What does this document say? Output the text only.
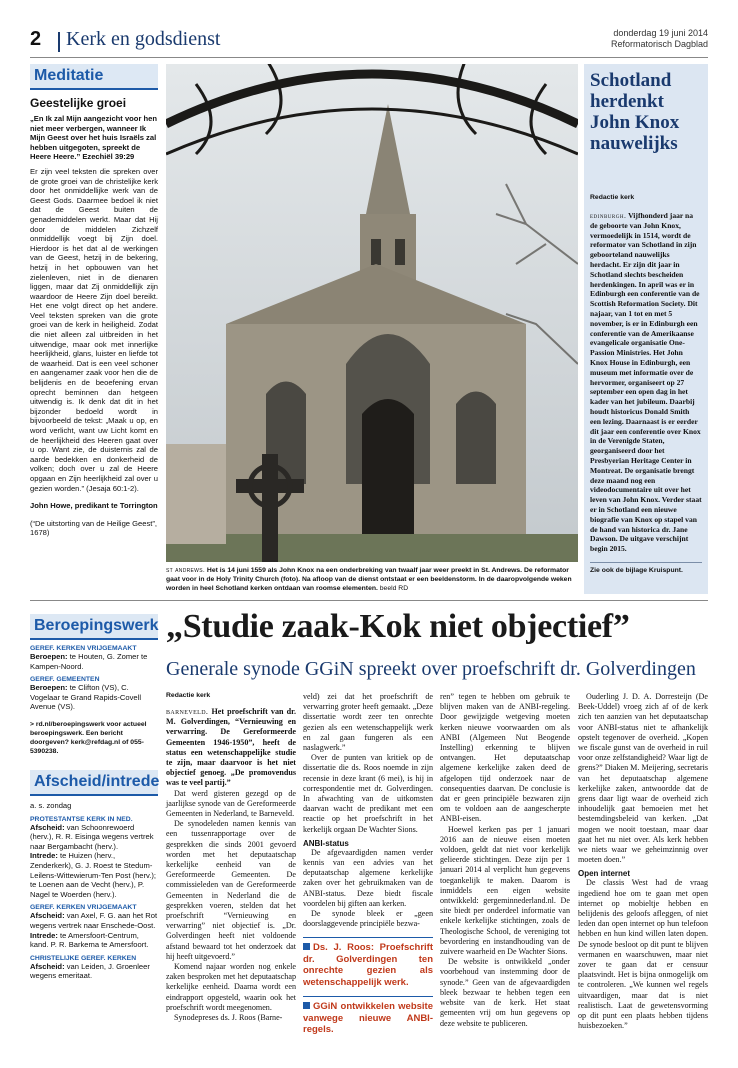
2 Kerk en godsdienst	donderdag 19 juni 2014
Reformatorisch Dagblad
Meditatie
Geestelijke groei
„En Ik zal Mijn aangezicht voor hen niet meer verbergen, wanneer Ik Mijn Geest over het huis Israëls zal hebben uitgegoten, spreekt de Heere Heere.” Ezechiël 39:29
Er zijn veel teksten die spreken over de grote groei van de christelijke kerk door het onmiddellijke werk van de Geest Gods. Daarmee bedoel ik niet dat de Geest buiten de genademiddelen werkt. Maar dat Hij door de middelen Zichzelf onmiddellijk voegt bij Zijn doel. Hierdoor is het dat al de werkingen van de Geest, hetzij in de bekering, hetzij in het opbouwen van het zielenleven, niet in de dienaren liggen, maar dat Zij onmiddellijk zijn waardoor de Heere Zijn doel bereikt. Het ene volgt direct op het andere. Veel teksten spreken van die grote groei van de kerk in heiligheid. Zodat die niet alleen zal uitbreiden in het uitwendige, maar ook met innerlijke heerlijkheid, glans, luister en liefde tot de waarheid. Dat is een veel schoner en aangenamer zaak voor hen die de belijdenis en de beoefening ervan oprecht beminnen dan hetgeen uitwendig is. Ik denk dat dit in het bijzonder bedoeld wordt in bijvoorbeeld de tekst: „Maak u op, en word verlicht, want uw Licht komt en de heerlijkheid des Heeren gaat over u op. Want zie, de duisternis zal de aarde bedekken en donkerheid de volken; doch over u zal de Heere opgaan en Zijn heerlijkheid zal over u gezien worden.” (Jesaja 60:1-2).
John Howe, predikant te Torrington
(“De uitstorting van de Heilige Geest”, 1678)
st andrews. Het is 14 juni 1559 als John Knox na een onderbreking van twaalf jaar weer preekt in St. Andrews. De reformator gaat voor in de Holy Trinity Church (foto). Na afloop van de dienst ontstaat er een beeldenstorm. In de daaropvolgende weken worden in heel Schotland kerken ontdaan van roomse elementen. beeld RD
Schotland herdenkt John Knox nauwelijks
Redactie kerk
edinburgh. Vijfhonderd jaar na de geboorte van John Knox, vermoedelijk in 1514, wordt de reformator van Schotland in zijn geboorteland nauwelijks herdacht. Er zijn dit jaar in Schotland slechts bescheiden herdenkingen. In april was er in Edinburgh een conferentie van de Scottish Reformation Society. Dit najaar, van 1 tot en met 5 november, is er in Edinburgh een conferentie van de Amerikaanse evangelicale organisatie One-Passion Ministries. Het John Knox House in Edinburgh, een museum met informatie over de hervormer, organiseert op 27 september een open dag in het kader van het jubileum. Daarbij houdt historicus Donald Smith een lezing. Daarnaast is er eerder dit jaar een conferentie over Knox in de Verenigde Staten, georganiseerd door het Presbyerian Heritage Center in Montreat. De organisatie brengt deze maand nog een videodocumentaire uit over het leven van John Knox. Verder staat er in Schotland een nieuwe biografie van Knox op stapel van de hand van historica dr. Jane Dawson. De uitgave verschijnt begin 2015.
Zie ook de bijlage Kruispunt.
Beroepingswerk
GEREF. KERKEN VRIJGEMAAKT
Beroepen: te Houten, G. Zomer te Kampen-Noord.
GEREF. GEMEENTEN
Beroepen: te Clifton (VS), C. Vogelaar te Grand Rapids-Covell Avenue (VS).
> rd.nl/beroepingswerk voor actueel beroepingswerk. Een bericht doorgeven? kerk@refdag.nl of 055-5390238.
Afscheid/intrede
a. s. zondag
PROTESTANTSE KERK IN NED.
Afscheid: van Schoonrewoerd (herv.), R. R. Eisinga wegens vertrek naar Bergambacht (herv.).
Intrede: te Huizen (herv., Zenderkerk), G. J. Roest te Stedum-Leilens-Wittewierum-Ten Post (herv.); te Loenen aan de Vecht (herv.), P. Nagel te Woerden (herv.).
GEREF. KERKEN VRIJGEMAAKT
Afscheid: van Axel, F. G. aan het Rot wegens vertrek naar Enschede-Oost.
Intrede: te Amersfoort-Centrum, kand. P. R. Barkema te Amersfoort.
CHRISTELIJKE GEREF. KERKEN
Afscheid: van Leiden, J. Groenleer wegens emeritaat.
„Studie zaak-Kok niet objectief”
Generale synode GGiN spreekt over proefschrift dr. Golverdingen

Redactie kerk

barneveld. Het proefschrift van dr. M. Golverdingen, “Vernieuwing en verwarring. De Gereformeerde Gemeenten 1946-1950”, heeft de status een wetenschappelijke studie te zijn, maar daarvoor is het niet objectief genoeg. „De promovendus was te veel partij.”

Dat werd gisteren gezegd op de jaarlijkse synode van de Gereformeerde Gemeenten in Nederland, te Barneveld.

De synodeleden namen kennis van een tussenrapportage over de gesprekken die sinds 2001 gevoerd worden met het deputaatschap kerkelijke eenheid van de Gereformeerde Gemeenten. De commissieleden van de Gereformeerde Gemeenten in Nederland die de gesprekken voeren, stelden dat het proefschrift “Vernieuwing en verwarring” niet objectief is. „Dr. Golverdingen heeft niet voldoende afstand bewaard tot het onderzoek dat hij heeft uitgevoerd.”

Komend najaar worden nog enkele zaken besproken met het deputaatschap kerkelijke eenheid. Daarna wordt een eindrapport opgesteld, waarin ook het proefschrift wordt meegenomen.

Synodepreses ds. J. Roos (Barne-

veld) zei dat het proefschrift de verwarring groter heeft gemaakt. „Deze dissertatie wordt zeer ten onrechte gezien als een wetenschappelijk werk en zal gaan fungeren als een naslagwerk.”

Over de punten van kritiek op de dissertatie die ds. Roos noemde in zijn recensie in deze krant (6 mei), is hij in correspondentie met dr. Golverdingen. In afwachting van de uitkomsten daarvan wacht de predikant met een reactie op het proefschrift in het kerkelijk orgaan De Wachter Sions.

ANBI-status

De afgevaardigden namen verder kennis van een advies van het deputaatschap algemene kerkelijke zaken over het gebruikmaken van de ANBI-status. Deze biedt fiscale voordelen bij giften aan kerken.

De synode bleek er „geen doorslaggevende principiële bezwa-

Ds. J. Roos: Proefschrift dr. Golverdingen ten onrechte gezien als wetenschappelijk werk.
GGiN ontwikkelen website vanwege nieuwe ANBI-regels.

ren” tegen te hebben om gebruik te blijven maken van de ANBI-regeling. Door gewijzigde wetgeving moeten kerken nieuwe voorwaarden om als ANBI (Algemeen Nut Beogende Instelling) erkenning te blijven ontvangen. Het deputaatschap algemene kerkelijke zaken deed de afgelopen tijd onderzoek naar de consequenties daarvan. De conclusie is dat er geen principiële bezwaren zijn om te voldoen aan de aangescherpte ANBI-eisen.

Hoewel kerken pas per 1 januari 2016 aan de nieuwe eisen moeten voldoen, geldt dat niet voor kerkelijk gelieerde stichtingen. Deze zijn per 1 januari 2014 al verplicht hun gegevens toegankelijk te maken. Daarom is inmiddels een eigen website ontwikkeld: gergeminnederland.nl. De site biedt per onderdeel informatie van enkele kerkelijke stichtingen, zoals de Theologische School, de vereniging tot bevordering en instandhouding van de zuivere waarheid en De Wachter Sions.

De website is ontwikkeld „onder voorbehoud van instemming door de synode.” Geen van de afgevaardigden bleek bezwaar te hebben tegen een website van de kerk. Het staat gemeenten vrij om hun gegevens op deze website te publiceren.

Ouderling J. D. A. Dorresteijn (De Beek-Uddel) vroeg zich af of de kerk zich ten aanzien van het deputaatschap voor ANBI-status niet te afhankelijk opstelt tegenover de overheid. „Kopen we fiscale gunst van de overheid in ruil voor onze zelfstandigheid? Waar ligt de grens?” Diaken M. Meijering, secretaris van het deputaatschap algemene kerkelijke zaken, antwoordde dat de grens daar ligt waar de overheid zich inhoudelijk gaat bemoeien met het bestemdingsbeleid van kerken. „Dat mogen we nooit toestaan, maar daar gaat het nu niet over. Als kerk hebben we niets waar we geheimzinnig over moeten doen.”

Open internet

De classis West had de vraag ingediend hoe om te gaan met open internet op mobieltje hebben en belijdenis des geloofs afleggen, of niet leden dan open internet op hun telefoon hebben en hun kind willen laten dopen. De synode besloot op dit punt te blijven vermanen en waarschuwen, maar niet zover te gaan dat er censuur plaatsvindt. Het is bijna onmogelijk om te controleren. „We kunnen wel regels uitvaardigen, maar dat is niet realistisch. Laat de gewetensvorming op dit punt een plaats hebben tijdens huisbezoeken.”
